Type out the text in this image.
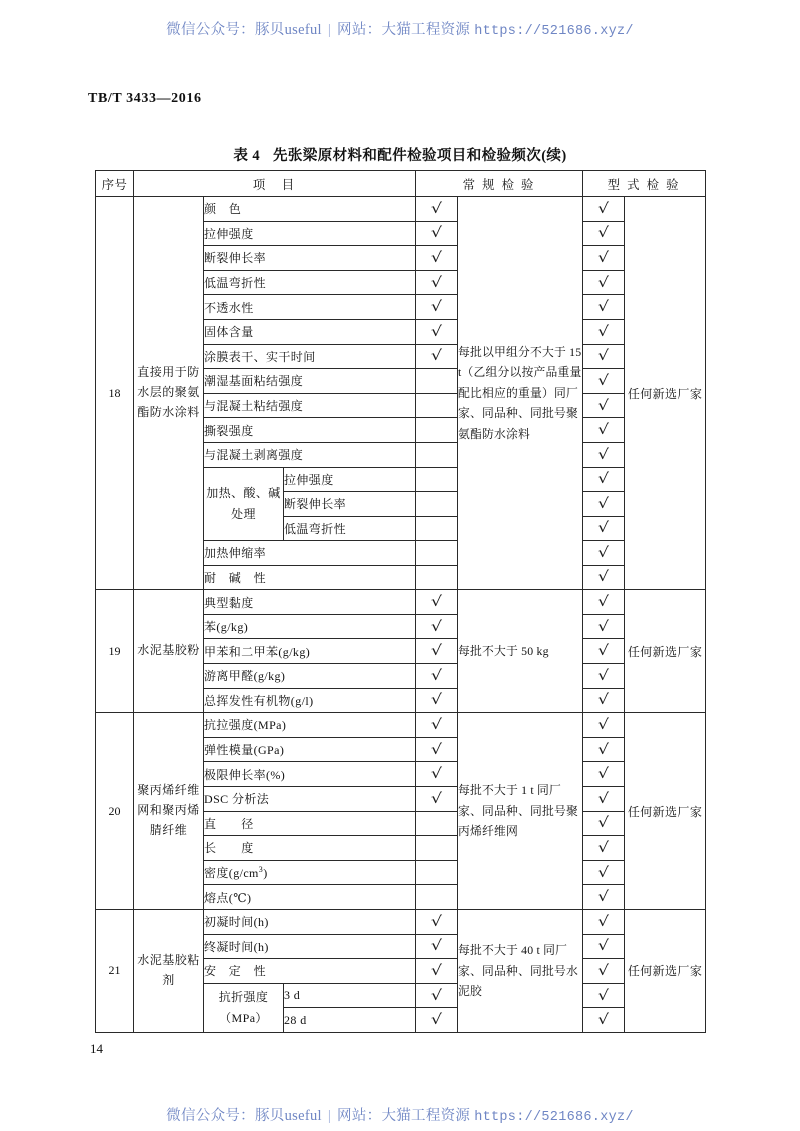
微信公众号：豚贝useful | 网站：大猫工程资源 https://521686.xyz/
TB/T 3433—2016
表 4 先张梁原材料和配件检验项目和检验频次(续)
序号	项　目			常 规 检 验		型 式 检 验	
18	直接用于防水层的聚氨酯防水涂料	颜　色		√	每批以甲组分不大于 15 t（乙组分以按产品重量配比相应的重量）同厂家、同品种、同批号聚氨酯防水涂料	√	任何新选厂家
		拉伸强度		√		√	
		断裂伸长率		√		√	
		低温弯折性		√		√	
		不透水性		√		√	
		固体含量		√		√	
		涂膜表干、实干时间		√		√	
		潮湿基面粘结强度				√	
		与混凝土粘结强度				√	
		撕裂强度				√	
		与混凝土剥离强度				√	
		加热、酸、碱处理	拉伸强度			√	
			断裂伸长率			√	
			低温弯折性			√	
		加热伸缩率				√	
		耐　碱　性				√	
19	水泥基胶粉	典型黏度		√	每批不大于 50 kg	√	任何新选厂家
		苯(g/kg)		√		√	
		甲苯和二甲苯(g/kg)		√		√	
		游离甲醛(g/kg)		√		√	
		总挥发性有机物(g/l)		√		√	
20	聚丙烯纤维网和聚丙烯腈纤维	抗拉强度(MPa)		√	每批不大于 1 t 同厂家、同品种、同批号聚丙烯纤维网	√	任何新选厂家
		弹性模量(GPa)		√		√	
		极限伸长率(%)		√		√	
		DSC 分析法		√		√	
		直　　径				√	
		长　　度				√	
		密度$(g/cm^3)$				√	
		熔点(℃)				√	
21	水泥基胶粘剂	初凝时间(h)		√	每批不大于 40 t 同厂家、同品种、同批号水泥胶	√	任何新选厂家
		终凝时间(h)		√		√	
		安　定　性		√		√	
		抗折强度（MPa）	3 d	√		√	
			28 d	√		√	
14
微信公众号：豚贝useful | 网站：大猫工程资源 https://521686.xyz/
